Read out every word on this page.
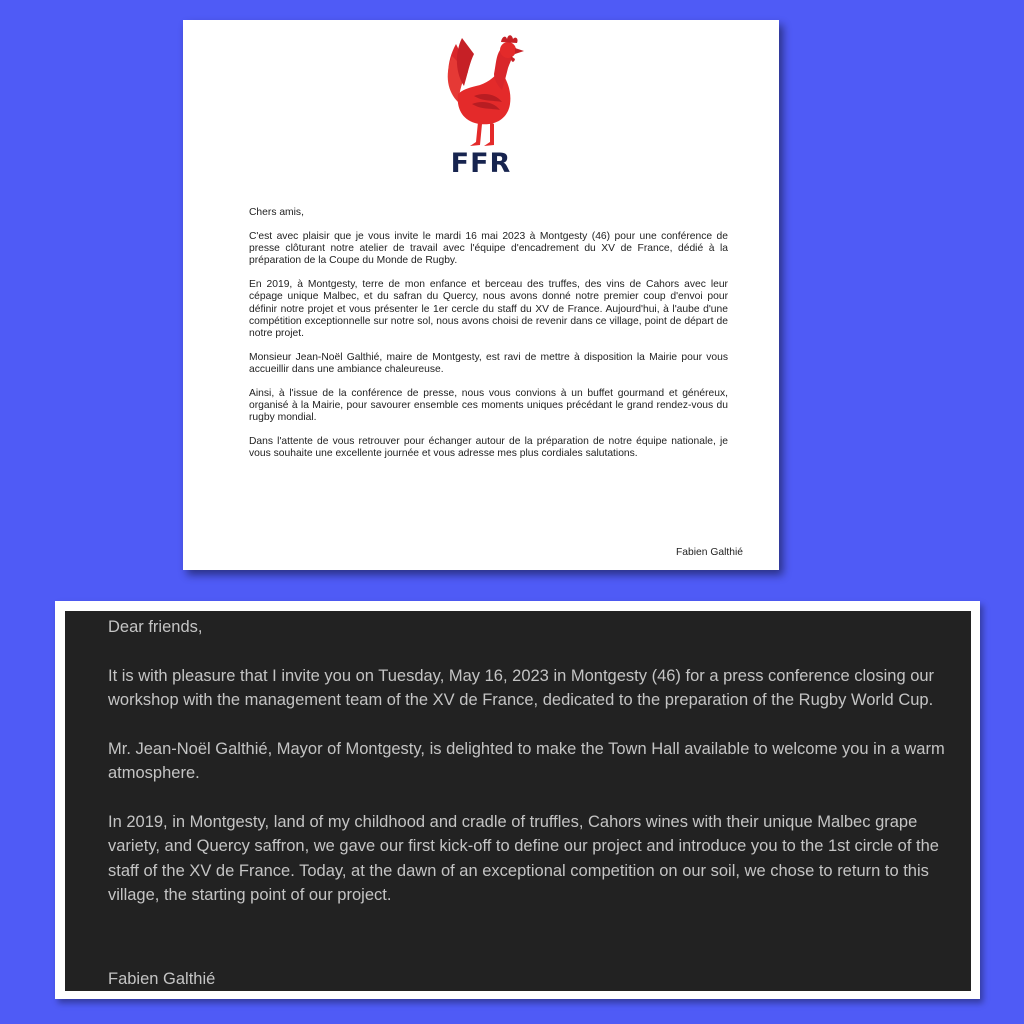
FFR

Chers amis,

C'est avec plaisir que je vous invite le mardi 16 mai 2023 à Montgesty (46) pour une conférence de presse clôturant notre atelier de travail avec l'équipe d'encadrement du XV de France, dédié à la préparation de la Coupe du Monde de Rugby.

En 2019, à Montgesty, terre de mon enfance et berceau des truffes, des vins de Cahors avec leur cépage unique Malbec, et du safran du Quercy, nous avons donné notre premier coup d'envoi pour définir notre projet et vous présenter le 1er cercle du staff du XV de France. Aujourd'hui, à l'aube d'une compétition exceptionnelle sur notre sol, nous avons choisi de revenir dans ce village, point de départ de notre projet.

Monsieur Jean-Noël Galthié, maire de Montgesty, est ravi de mettre à disposition la Mairie pour vous accueillir dans une ambiance chaleureuse.

Ainsi, à l'issue de la conférence de presse, nous vous convions à un buffet gourmand et généreux, organisé à la Mairie, pour savourer ensemble ces moments uniques précédant le grand rendez-vous du rugby mondial.

Dans l'attente de vous retrouver pour échanger autour de la préparation de notre équipe nationale, je vous souhaite une excellente journée et vous adresse mes plus cordiales salutations.

Fabien Galthié

Dear friends,

It is with pleasure that I invite you on Tuesday, May 16, 2023 in Montgesty (46) for a press conference closing our workshop with the management team of the XV de France, dedicated to the preparation of the Rugby World Cup.

Mr. Jean-Noël Galthié, Mayor of Montgesty, is delighted to make the Town Hall available to welcome you in a warm atmosphere.

In 2019, in Montgesty, land of my childhood and cradle of truffles, Cahors wines with their unique Malbec grape variety, and Quercy saffron, we gave our first kick-off to define our project and introduce you to the 1st circle of the staff of the XV de France. Today, at the dawn of an exceptional competition on our soil, we chose to return to this village, the starting point of our project.

Fabien Galthié
